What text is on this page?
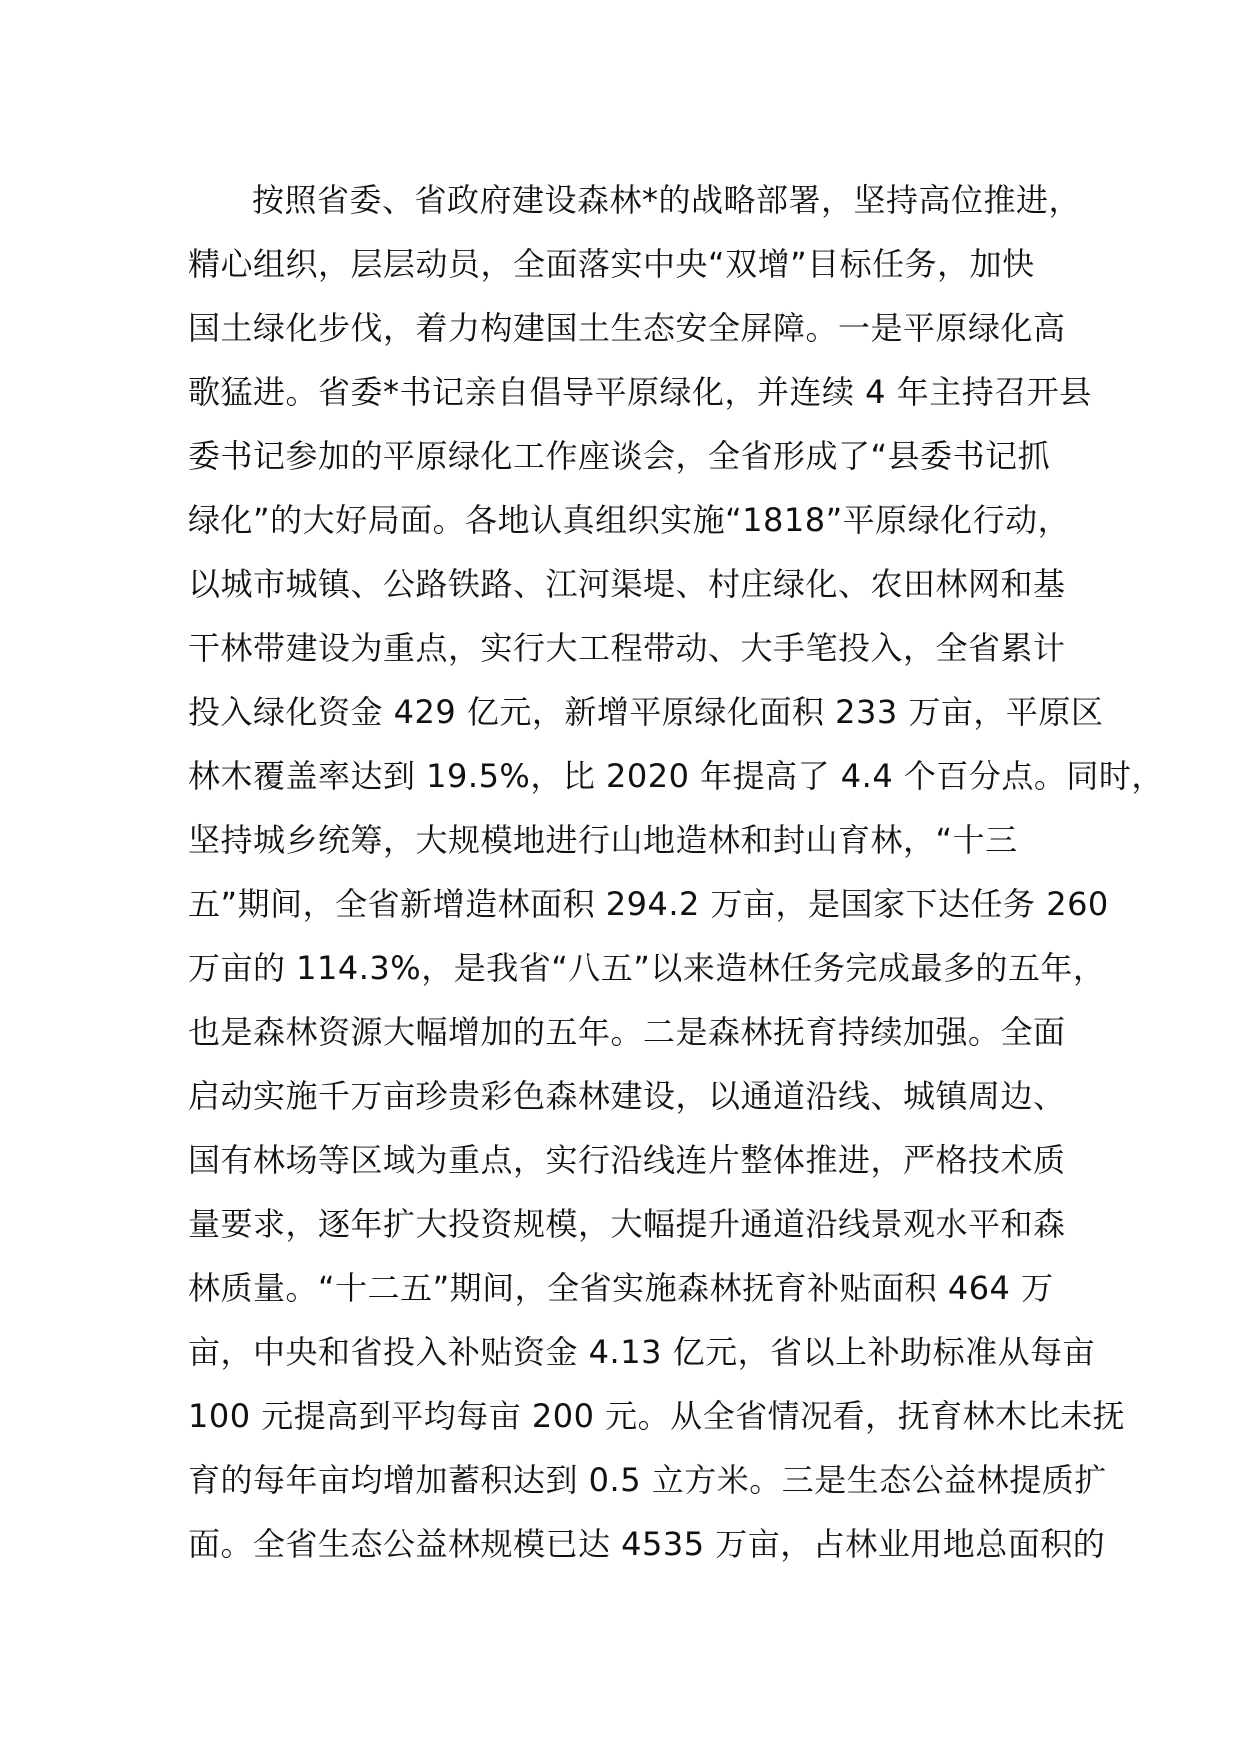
按照省委、省政府建设森林*的战略部署，坚持高位推进，
精心组织，层层动员，全面落实中央“双增”目标任务，加快
国土绿化步伐，着力构建国土生态安全屏障。一是平原绿化高
歌猛进。省委*书记亲自倡导平原绿化，并连续 4 年主持召开县
委书记参加的平原绿化工作座谈会，全省形成了“县委书记抓
绿化”的大好局面。各地认真组织实施“1818”平原绿化行动，
以城市城镇、公路铁路、江河渠堤、村庄绿化、农田林网和基
干林带建设为重点，实行大工程带动、大手笔投入，全省累计
投入绿化资金 429 亿元，新增平原绿化面积 233 万亩，平原区
林木覆盖率达到 19.5%，比 2020 年提高了 4.4 个百分点。同时，
坚持城乡统筹，大规模地进行山地造林和封山育林，“十三
五”期间，全省新增造林面积 294.2 万亩，是国家下达任务 260
万亩的 114.3%，是我省“八五”以来造林任务完成最多的五年，
也是森林资源大幅增加的五年。二是森林抚育持续加强。全面
启动实施千万亩珍贵彩色森林建设，以通道沿线、城镇周边、
国有林场等区域为重点，实行沿线连片整体推进，严格技术质
量要求，逐年扩大投资规模，大幅提升通道沿线景观水平和森
林质量。“十二五”期间，全省实施森林抚育补贴面积 464 万
亩，中央和省投入补贴资金 4.13 亿元，省以上补助标准从每亩
100 元提高到平均每亩 200 元。从全省情况看，抚育林木比未抚
育的每年亩均增加蓄积达到 0.5 立方米。三是生态公益林提质扩
面。全省生态公益林规模已达 4535 万亩，占林业用地总面积的
